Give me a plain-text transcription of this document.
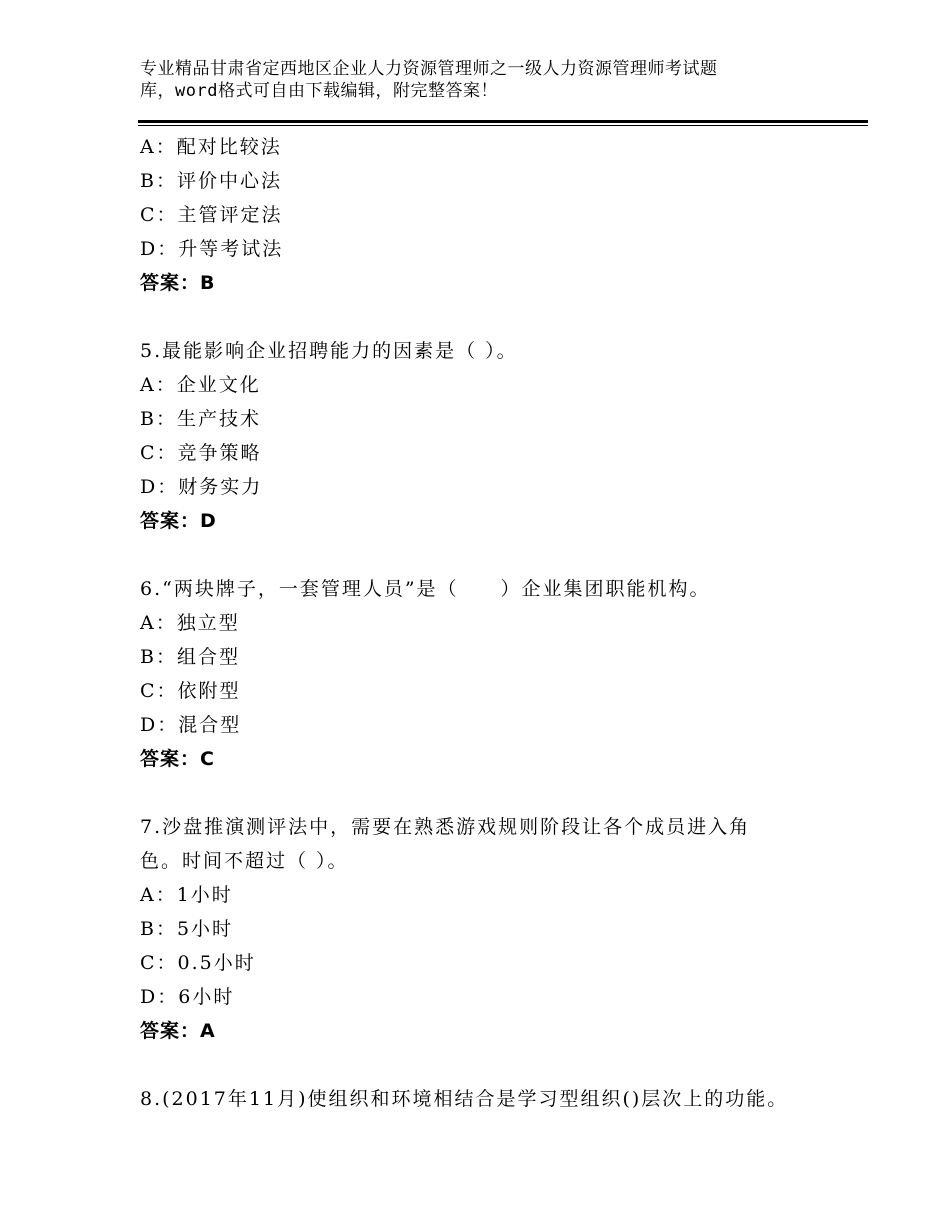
专业精品甘肃省定西地区企业人力资源管理师之一级人力资源管理师考试题
库，word格式可自由下载编辑，附完整答案！
A：配对比较法
B：评价中心法
C：主管评定法
D：升等考试法
答案：B
5.最能影响企业招聘能力的因素是（ ）。
A：企业文化
B：生产技术
C：竞争策略
D：财务实力
答案：D
6.“两块牌子，一套管理人员”是（　　）企业集团职能机构。
A：独立型
B：组合型
C：依附型
D：混合型
答案：C
7.沙盘推演测评法中，需要在熟悉游戏规则阶段让各个成员进入角
色。时间不超过（ ）。
A：1小时
B：5小时
C：0.5小时
D：6小时
答案：A
8.(2017年11月)使组织和环境相结合是学习型组织()层次上的功能。
